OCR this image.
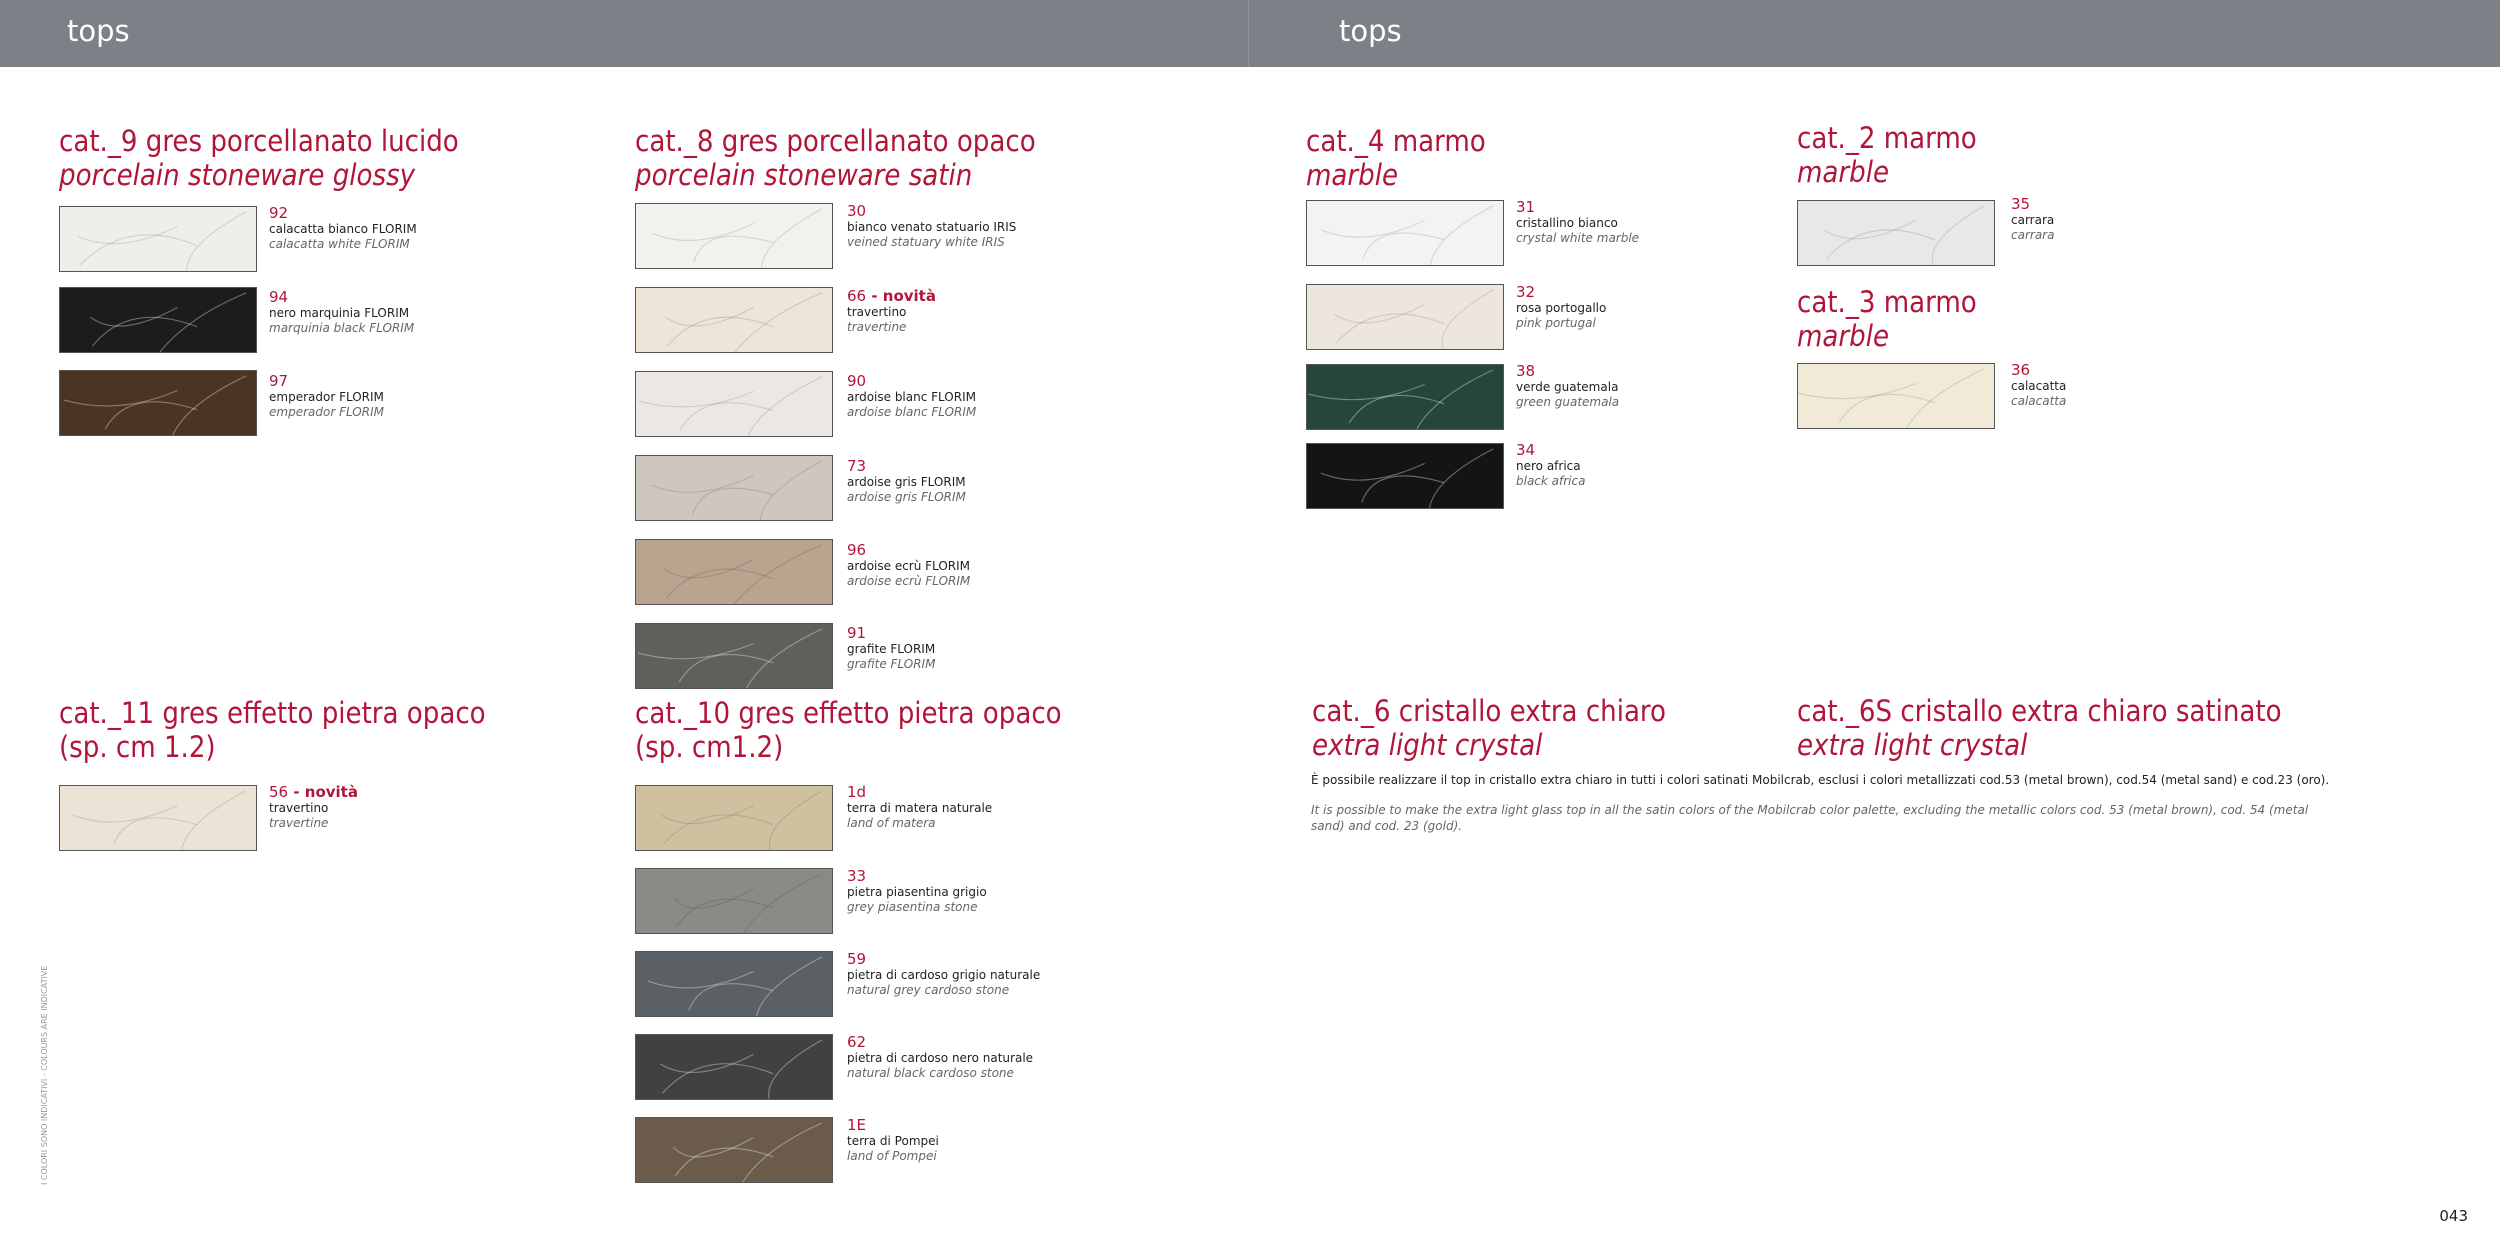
tops	tops
cat._9 gres porcellanato lucido
porcelain stoneware glossy
cat._8 gres porcellanato opaco
porcelain stoneware satin
cat._4 marmo
marble
cat._2 marmo
marble
cat._3 marmo
marble
cat._11 gres effetto pietra opaco
(sp. cm 1.2)
cat._10 gres effetto pietra opaco
(sp. cm1.2)
cat._6 cristallo extra chiaro
extra light crystal
cat._6S cristallo extra chiaro satinato
extra light crystal
92
calacatta bianco FLORIM
calacatta white FLORIM
94
nero marquinia FLORIM
marquinia black FLORIM
97
emperador FLORIM
emperador FLORIM
30
bianco venato statuario IRIS
veined statuary white IRIS
66 - novità
travertino
travertine
90
ardoise blanc FLORIM
ardoise blanc FLORIM
73
ardoise gris FLORIM
ardoise gris FLORIM
96
ardoise ecrù FLORIM
ardoise ecrù FLORIM
91
grafite FLORIM
grafite FLORIM
31
cristallino bianco
crystal white marble
32
rosa portogallo
pink portugal
38
verde guatemala
green guatemala
34
nero africa
black africa
35
carrara
carrara
36
calacatta
calacatta
56 - novità
travertino
travertine
1d
terra di matera naturale
land of matera
33
pietra piasentina grigio
grey piasentina stone
59
pietra di cardoso grigio naturale
natural grey cardoso stone
62
pietra di cardoso nero naturale
natural black cardoso stone
1E
terra di Pompei
land of Pompei
È possibile realizzare il top in cristallo extra chiaro in tutti i colori satinati Mobilcrab, esclusi i colori metallizzati cod.53 (metal brown), cod.54 (metal sand) e cod.23 (oro).
It is possible to make the extra light glass top in all the satin colors of the Mobilcrab color palette, excluding the metallic colors cod. 53 (metal brown), cod. 54 (metal sand) and cod. 23 (gold).
I COLORI SONO INDICATIVI - COLOURS ARE INDICATIVE
043
